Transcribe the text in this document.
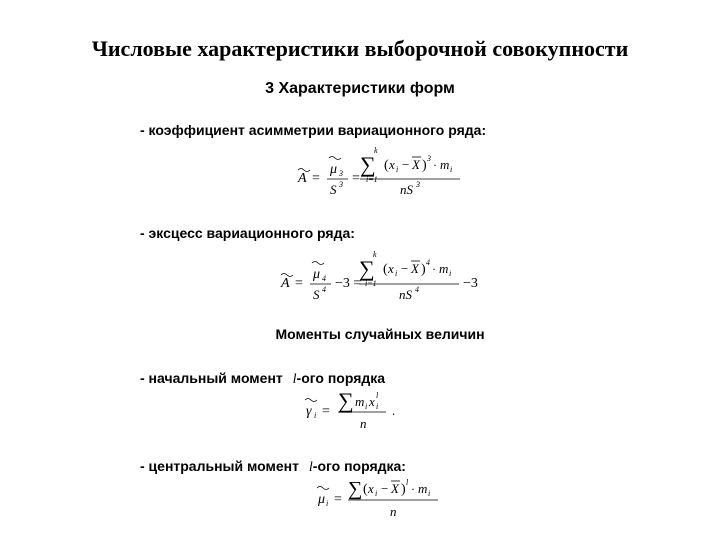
Числовые характеристики выборочной совокупности
3 Характеристики форм
- коэффициент асимметрии вариационного ряда:
A =
μ 3
S 3 =
k
∑
i=1
( x i − X ) 3 · m i
nS 3
- эксцесс вариационного ряда:
A =
μ 4
S 4 −3 =
k
∑
i=1
( x i − X ) 4 · m i
nS 4	−3
Моменты случайных величин
- начальный момент l-ого порядка
γ i = ∑ m i x i
l
n
.
- центральный момент l-ого порядка:
μ i = ∑ ( x i − X ) l · m i
n
